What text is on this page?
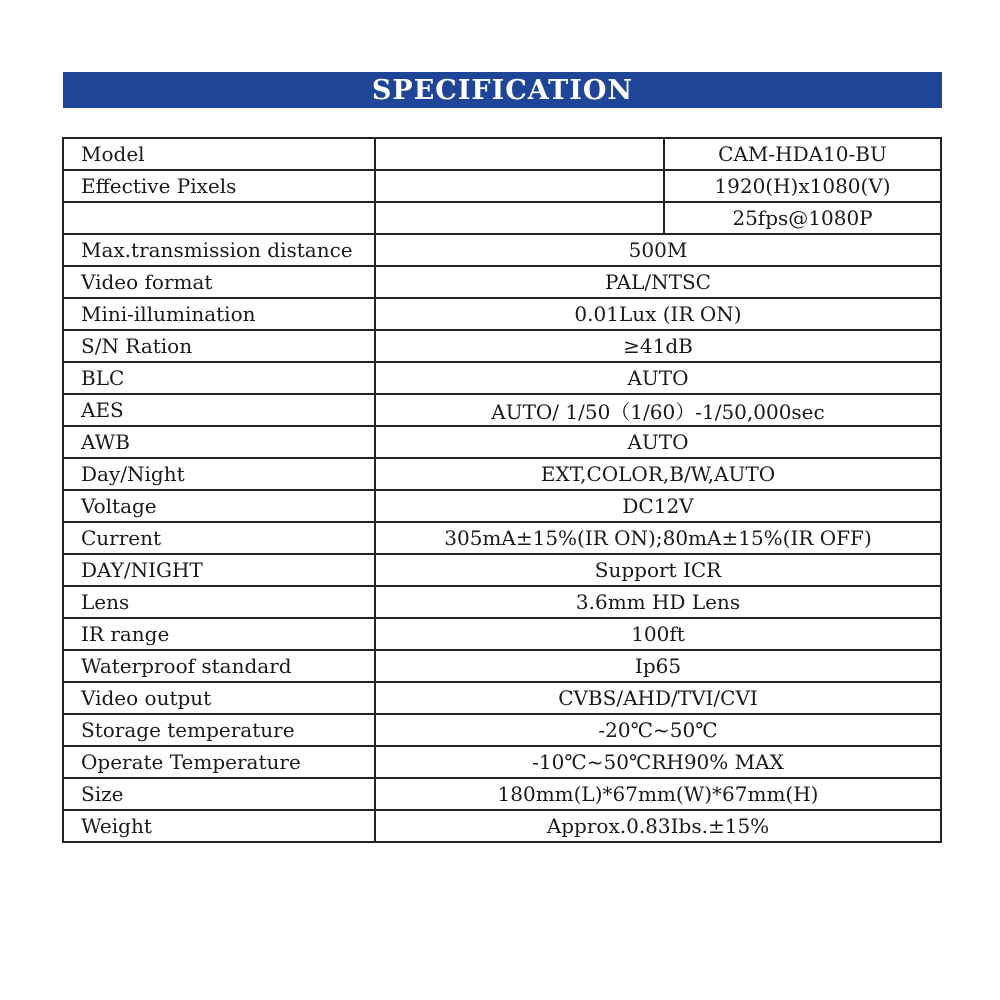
SPECIFICATION
Model		CAM-HDA10-BU
Effective Pixels		1920(H)x1080(V)
		25fps@1080P
Max.transmission distance	500M	
Video format	PAL/NTSC	
Mini-illumination	0.01Lux (IR ON)	
S/N Ration	≥41dB	
BLC	AUTO	
AES	AUTO/ 1/50（1/60）-1/50,000sec	
AWB	AUTO	
Day/Night	EXT,COLOR,B/W,AUTO	
Voltage	DC12V	
Current	305mA±15%(IR ON);80mA±15%(IR OFF)	
DAY/NIGHT	Support ICR	
Lens	3.6mm HD Lens	
IR range	100ft	
Waterproof standard	Ip65	
Video output	CVBS/AHD/TVI/CVI	
Storage temperature	-20℃~50℃	
Operate Temperature	-10℃~50℃RH90% MAX	
Size	180mm(L)*67mm(W)*67mm(H)	
Weight	Approx.0.83Ibs.±15%	
